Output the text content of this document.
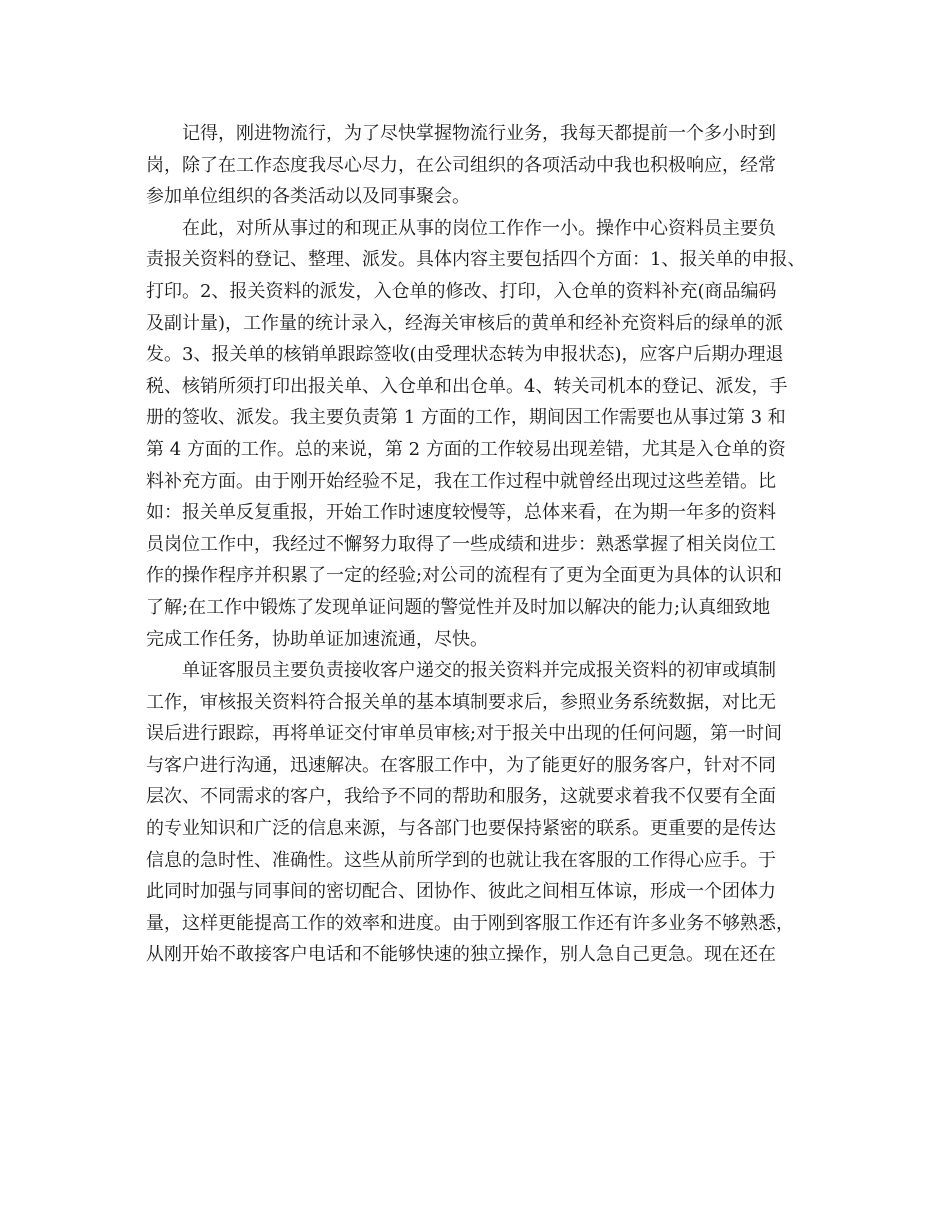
记得，刚进物流行，为了尽快掌握物流行业务，我每天都提前一个多小时到
岗，除了在工作态度我尽心尽力，在公司组织的各项活动中我也积极响应，经常
参加单位组织的各类活动以及同事聚会。
在此，对所从事过的和现正从事的岗位工作作一小。操作中心资料员主要负
责报关资料的登记、整理、派发。具体内容主要包括四个方面：1、报关单的申报、
打印。2、报关资料的派发，入仓单的修改、打印，入仓单的资料补充(商品编码
及副计量)，工作量的统计录入，经海关审核后的黄单和经补充资料后的绿单的派
发。3、报关单的核销单跟踪签收(由受理状态转为申报状态)，应客户后期办理退
税、核销所须打印出报关单、入仓单和出仓单。4、转关司机本的登记、派发，手
册的签收、派发。我主要负责第 1 方面的工作，期间因工作需要也从事过第 3 和
第 4 方面的工作。总的来说，第 2 方面的工作较易出现差错，尤其是入仓单的资
料补充方面。由于刚开始经验不足，我在工作过程中就曾经出现过这些差错。比
如：报关单反复重报，开始工作时速度较慢等，总体来看，在为期一年多的资料
员岗位工作中，我经过不懈努力取得了一些成绩和进步：熟悉掌握了相关岗位工
作的操作程序并积累了一定的经验;对公司的流程有了更为全面更为具体的认识和
了解;在工作中锻炼了发现单证问题的警觉性并及时加以解决的能力;认真细致地
完成工作任务，协助单证加速流通，尽快。
单证客服员主要负责接收客户递交的报关资料并完成报关资料的初审或填制
工作，审核报关资料符合报关单的基本填制要求后，参照业务系统数据，对比无
误后进行跟踪，再将单证交付审单员审核;对于报关中出现的任何问题，第一时间
与客户进行沟通，迅速解决。在客服工作中，为了能更好的服务客户，针对不同
层次、不同需求的客户，我给予不同的帮助和服务，这就要求着我不仅要有全面
的专业知识和广泛的信息来源，与各部门也要保持紧密的联系。更重要的是传达
信息的急时性、准确性。这些从前所学到的也就让我在客服的工作得心应手。于
此同时加强与同事间的密切配合、团协作、彼此之间相互体谅，形成一个团体力
量，这样更能提高工作的效率和进度。由于刚到客服工作还有许多业务不够熟悉，
从刚开始不敢接客户电话和不能够快速的独立操作，别人急自己更急。现在还在
